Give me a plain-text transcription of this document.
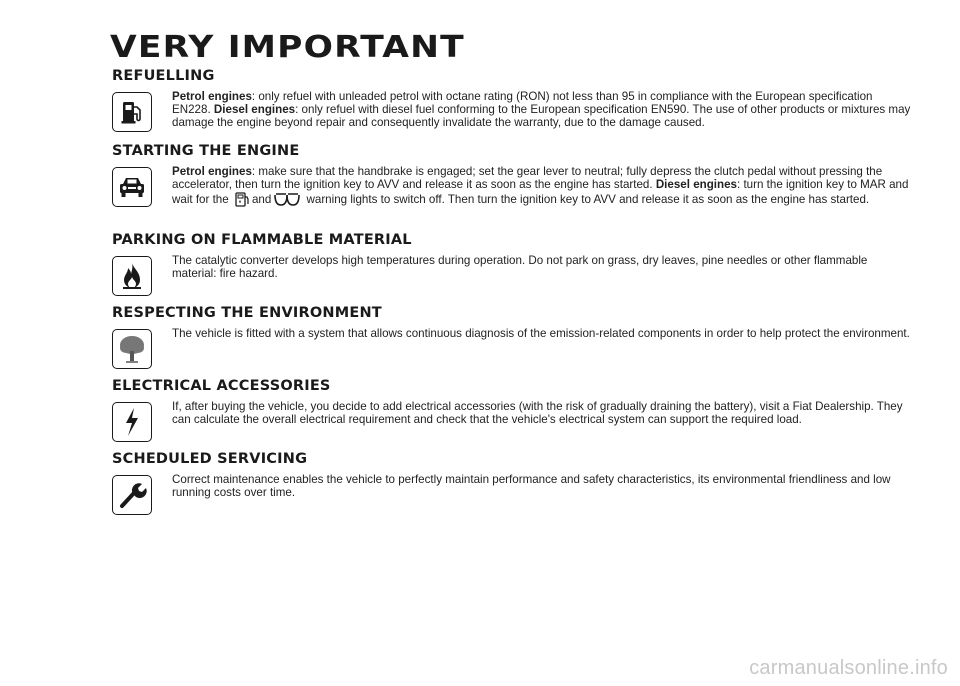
VERY IMPORTANT
REFUELLING

Petrol engines: only refuel with unleaded petrol with octane rating (RON) not less than 95 in compliance with the European specification EN228. Diesel engines: only refuel with diesel fuel conforming to the European specification EN590. The use of other products or mixtures may damage the engine beyond repair and consequently invalidate the warranty, due to the damage caused.

STARTING THE ENGINE

Petrol engines: make sure that the handbrake is engaged; set the gear lever to neutral; fully depress the clutch pedal without pressing the accelerator, then turn the ignition key to AVV and release it as soon as the engine has started. Diesel engines: turn the ignition key to MAR and wait for the and	warning lights to switch off. Then turn the ignition key to AVV and release it as soon as the engine has started.

PARKING ON FLAMMABLE MATERIAL

The catalytic converter develops high temperatures during operation. Do not park on grass, dry leaves, pine needles or other flammable material: fire hazard.

RESPECTING THE ENVIRONMENT

The vehicle is fitted with a system that allows continuous diagnosis of the emission-related components in order to help protect the environment.

ELECTRICAL ACCESSORIES

If, after buying the vehicle, you decide to add electrical accessories (with the risk of gradually draining the battery), visit a Fiat Dealership. They can calculate the overall electrical requirement and check that the vehicle's electrical system can support the required load.

SCHEDULED SERVICING

Correct maintenance enables the vehicle to perfectly maintain performance and safety characteristics, its environmental friendliness and low running costs over time.

carmanualsonline.info
